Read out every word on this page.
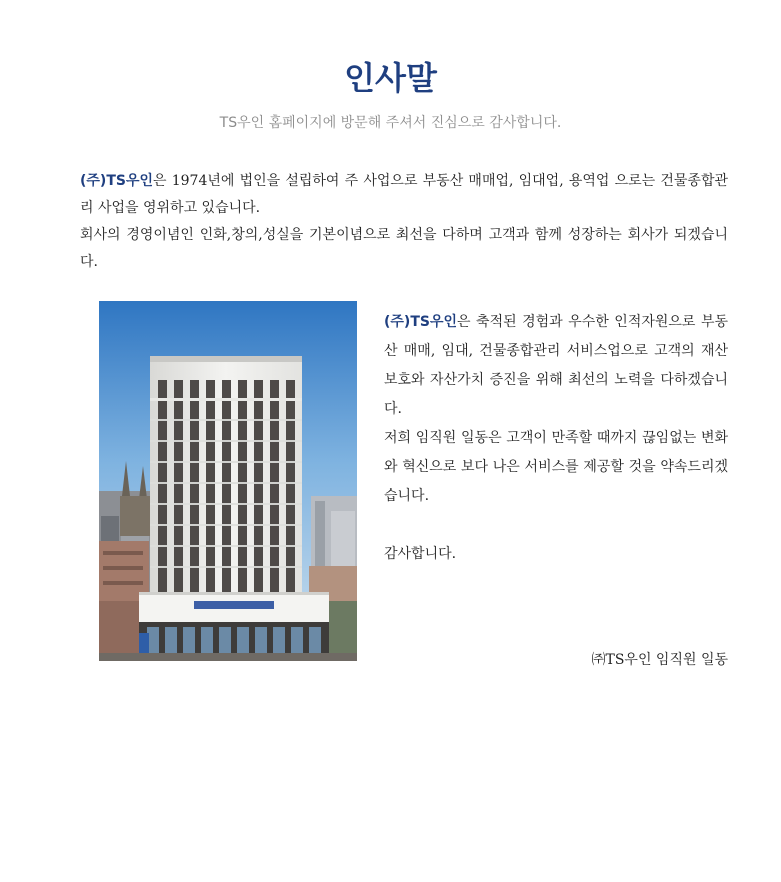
인사말

TS우인 홈페이지에 방문해 주셔서 진심으로 감사합니다.

(주)TS우인은 1974년에 법인을 설립하여 주 사업으로 부동산 매매업, 임대업, 용역업 으로는 건물종합관리 사업을 영위하고 있습니다.

회사의 경영이념인 인화,창의,성실을 기본이념으로 최선을 다하며 고객과 함께 성장하는 회사가 되겠습니다.

(주)TS우인은 축적된 경험과 우수한 인적자원으로 부동산 매매, 임대, 건물종합관리 서비스업으로 고객의 재산보호와 자산가치 증진을 위해 최선의 노력을 다하겠습니다.

저희 임직원 일동은 고객이 만족할 때까지 끊임없는 변화와 혁신으로 보다 나은 서비스를 제공할 것을 약속드리겠습니다.

감사합니다.

㈜TS우인 임직원 일동
